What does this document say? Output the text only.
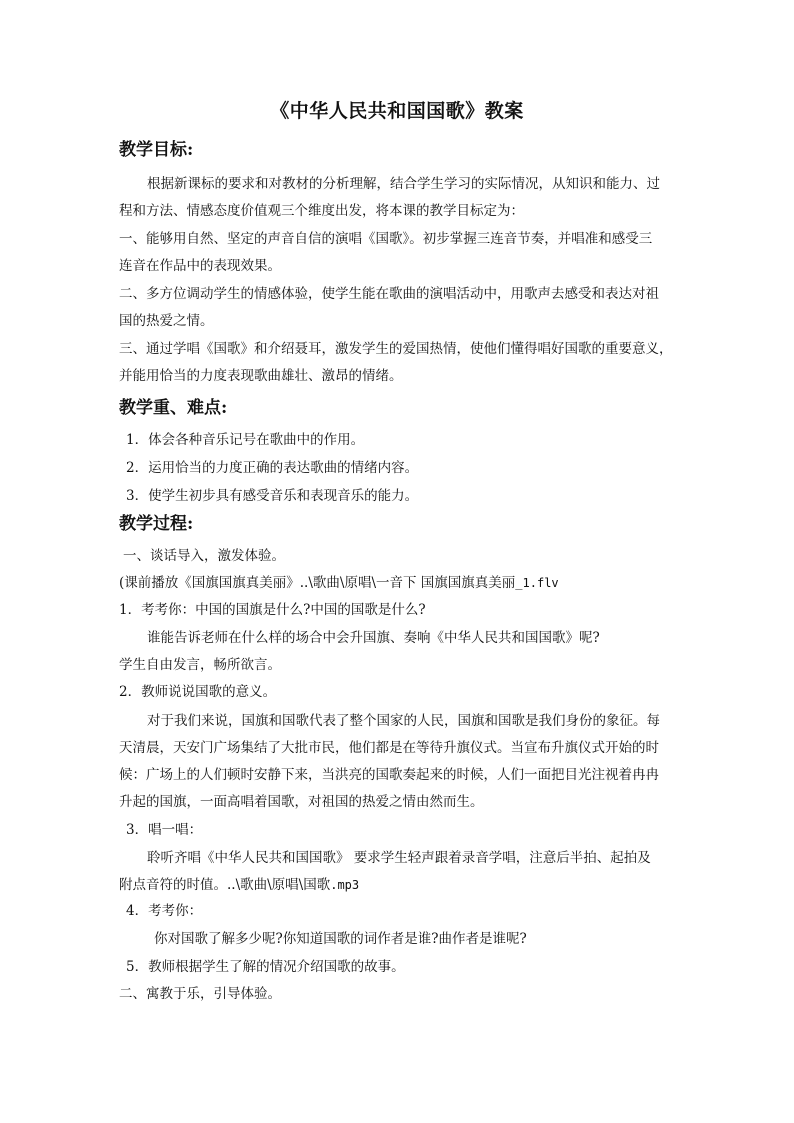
《中华人民共和国国歌》教案
教学目标:
根据新课标的要求和对教材的分析理解，结合学生学习的实际情况，从知识和能力、过
程和方法、情感态度价值观三个维度出发，将本课的教学目标定为：
一、能够用自然、坚定的声音自信的演唱《国歌》。初步掌握三连音节奏，并唱准和感受三
连音在作品中的表现效果。
二、多方位调动学生的情感体验，使学生能在歌曲的演唱活动中，用歌声去感受和表达对祖
国的热爱之情。
三、通过学唱《国歌》和介绍聂耳，激发学生的爱国热情，使他们懂得唱好国歌的重要意义，
并能用恰当的力度表现歌曲雄壮、激昂的情绪。
教学重、难点:
1．体会各种音乐记号在歌曲中的作用。
2．运用恰当的力度正确的表达歌曲的情绪内容。
3．使学生初步具有感受音乐和表现音乐的能力。
教学过程:
一、谈话导入，激发体验。
(课前播放《国旗国旗真美丽》..\歌曲\原唱\一音下 国旗国旗真美丽_1.flv
1．考考你：中国的国旗是什么?中国的国歌是什么?
谁能告诉老师在什么样的场合中会升国旗、奏响《中华人民共和国国歌》呢?
学生自由发言，畅所欲言。
2．教师说说国歌的意义。
对于我们来说，国旗和国歌代表了整个国家的人民，国旗和国歌是我们身份的象征。每
天清晨，天安门广场集结了大批市民，他们都是在等待升旗仪式。当宣布升旗仪式开始的时
候：广场上的人们顿时安静下来，当洪亮的国歌奏起来的时候，人们一面把目光注视着冉冉
升起的国旗，一面高唱着国歌，对祖国的热爱之情由然而生。
3．唱一唱：
聆听齐唱《中华人民共和国国歌》 要求学生轻声跟着录音学唱，注意后半拍、起拍及
附点音符的时值。..\歌曲\原唱\国歌.mp3
4．考考你：
你对国歌了解多少呢?你知道国歌的词作者是谁?曲作者是谁呢?
5．教师根据学生了解的情况介绍国歌的故事。
二、寓教于乐，引导体验。
